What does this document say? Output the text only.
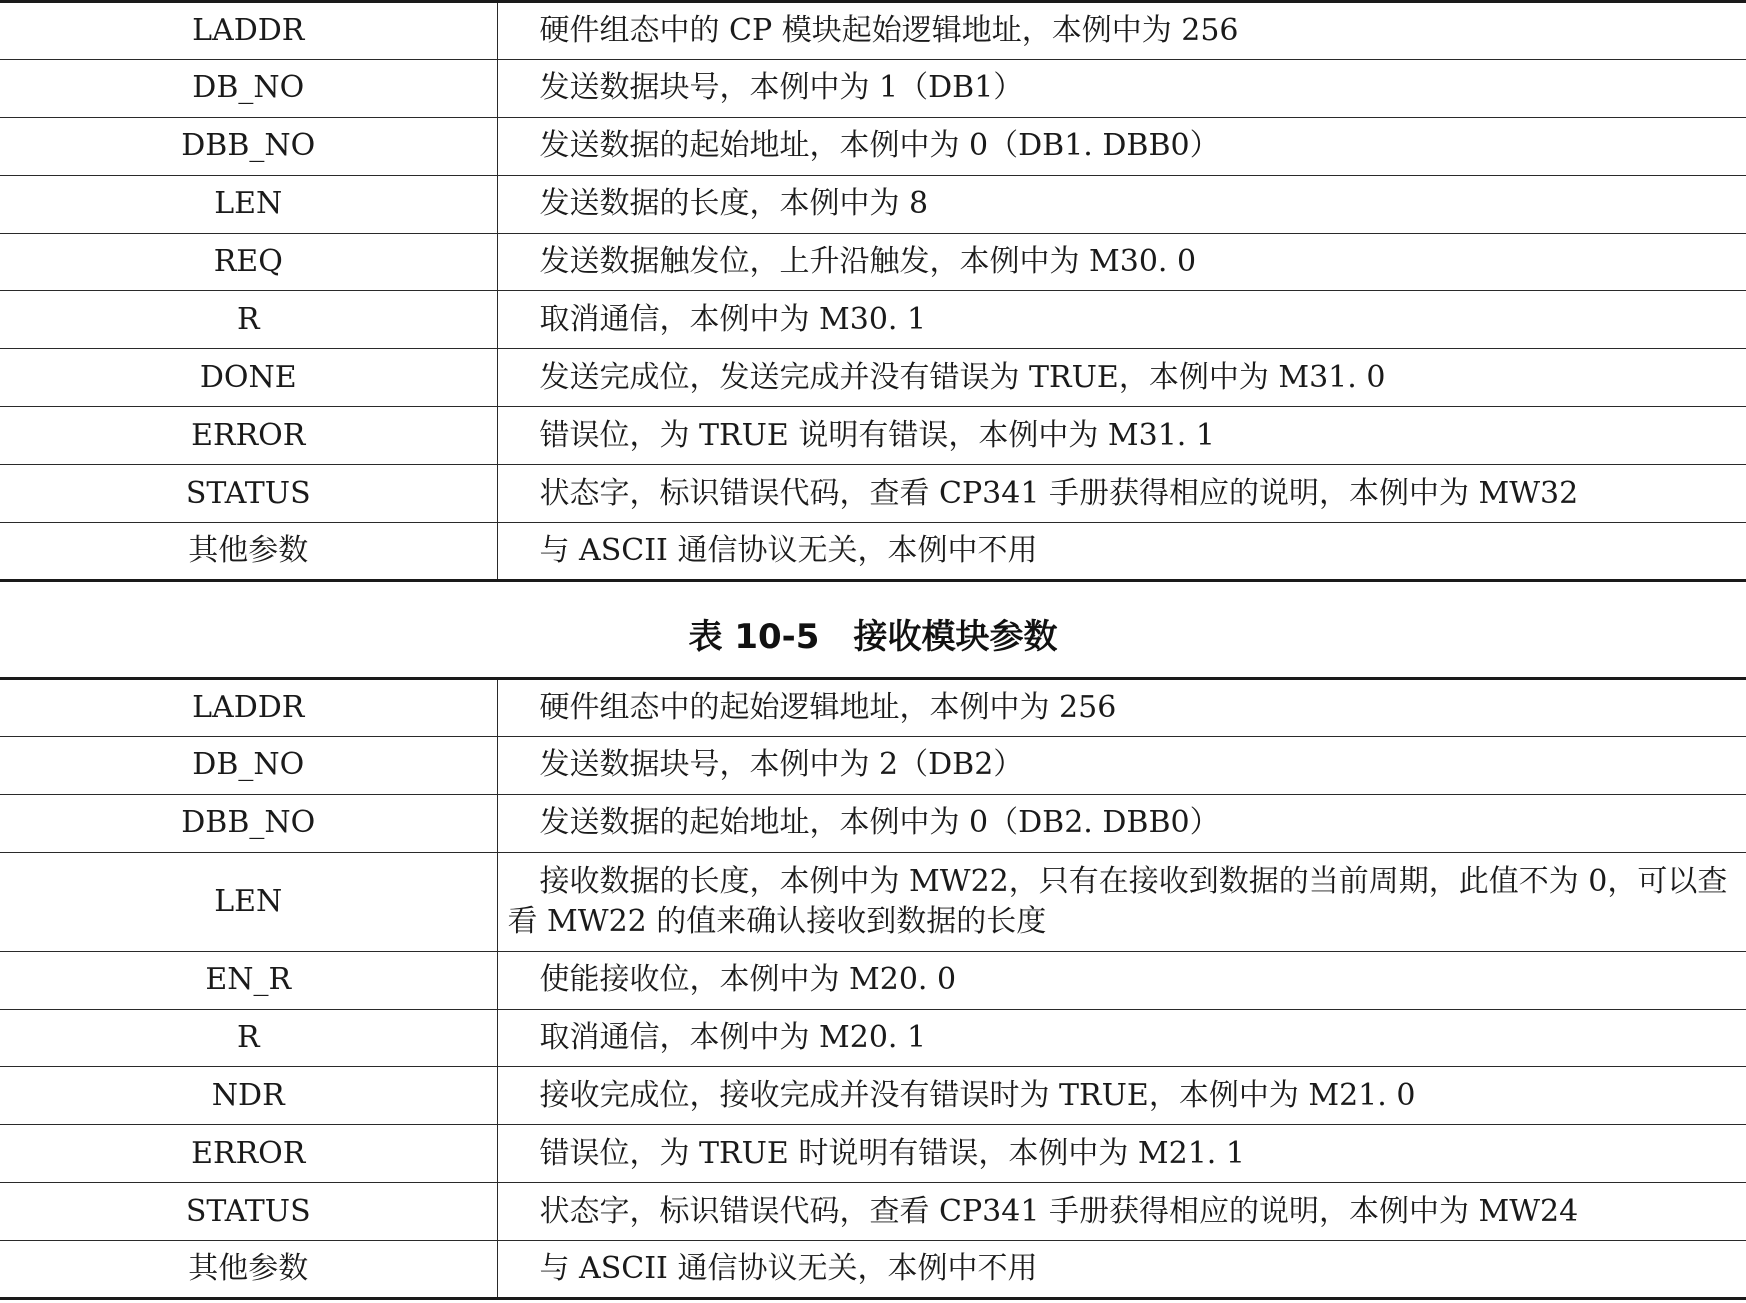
LADDR	硬件组态中的 CP 模块起始逻辑地址，本例中为 256
DB_NO	发送数据块号，本例中为 1（DB1）
DBB_NO	发送数据的起始地址，本例中为 0（DB1. DBB0）
LEN	发送数据的长度，本例中为 8
REQ	发送数据触发位，上升沿触发，本例中为 M30. 0
R	取消通信，本例中为 M30. 1
DONE	发送完成位，发送完成并没有错误为 TRUE，本例中为 M31. 0
ERROR	错误位，为 TRUE 说明有错误，本例中为 M31. 1
STATUS	状态字，标识错误代码，查看 CP341 手册获得相应的说明，本例中为 MW32
其他参数	与 ASCII 通信协议无关，本例中不用
表 10-5　接收模块参数
LADDR	硬件组态中的起始逻辑地址，本例中为 256
DB_NO	发送数据块号，本例中为 2（DB2）
DBB_NO	发送数据的起始地址，本例中为 0（DB2. DBB0）
LEN	接收数据的长度，本例中为 MW22，只有在接收到数据的当前周期，此值不为 0，可以查看 MW22 的值来确认接收到数据的长度
EN_R	使能接收位，本例中为 M20. 0
R	取消通信，本例中为 M20. 1
NDR	接收完成位，接收完成并没有错误时为 TRUE，本例中为 M21. 0
ERROR	错误位，为 TRUE 时说明有错误，本例中为 M21. 1
STATUS	状态字，标识错误代码，查看 CP341 手册获得相应的说明，本例中为 MW24
其他参数	与 ASCII 通信协议无关，本例中不用
